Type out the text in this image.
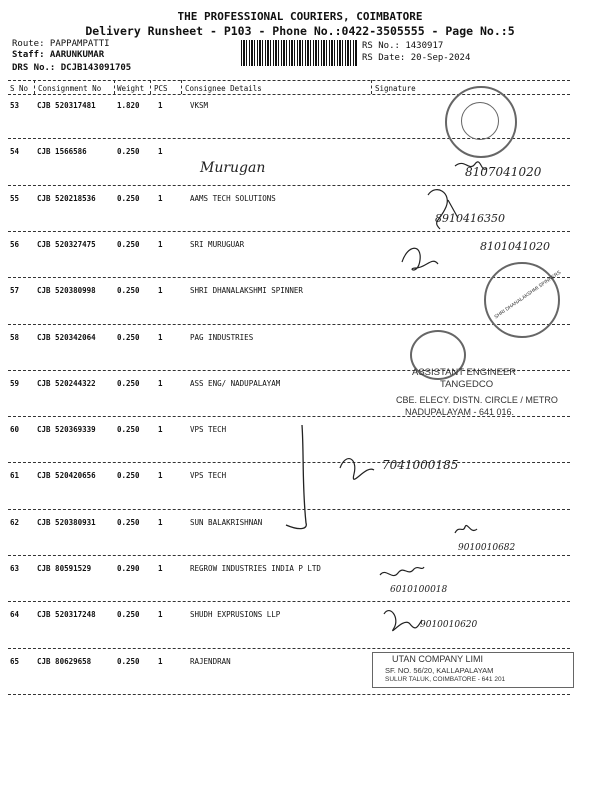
THE PROFESSIONAL COURIERS, COIMBATORE
Delivery Runsheet - P103 - Phone No.:0422-3505555 - Page No.:5
Route: PAPPAMPATTI
Staff: AARUNKUMAR
DRS No.: DCJB143091705
RS No.: 1430917
RS Date: 20-Sep-2024
S No Consignment No Weight PCS Consignee Details	Signature
53 CJB 520317481	1.820 1	VKSM
54 CJB 1566586	0.250 1
55 CJB 520218536	0.250 1	AAMS TECH SOLUTIONS
56 CJB 520327475	0.250 1	SRI MURUGUAR
57 CJB 520380998	0.250 1	SHRI DHANALAKSHMI SPINNER
58 CJB 520342064	0.250 1	PAG INDUSTRIES
59 CJB 520244322	0.250 1	ASS ENG/ NADUPALAYAM
60 CJB 520369339	0.250 1	VPS TECH
61 CJB 520420656	0.250 1	VPS TECH
62 CJB 520380931	0.250 1	SUN BALAKRISHNAN
63 CJB 80591529	0.290 1	REGROW INDUSTRIES INDIA P LTD
64 CJB 520317248	0.250 1	SHUDH EXPRUSIONS LLP
65 CJB 80629658	0.250 1	RAJENDRAN
SHRI DHANALAKSHMI SPINNERS
Murugan	8107041020
8910416350
8101041020
7041000185
9010010682
6010100018
9010010620
ASSISTANT ENGINEER
TANGEDCO
CBE. ELECY. DISTN. CIRCLE / METRO
NADUPALAYAM - 641 016.
UTAN COMPANY LIMI
SF. NO. 56/20, KALLAPALAYAM
SULUR TALUK, COIMBATORE - 641 201
